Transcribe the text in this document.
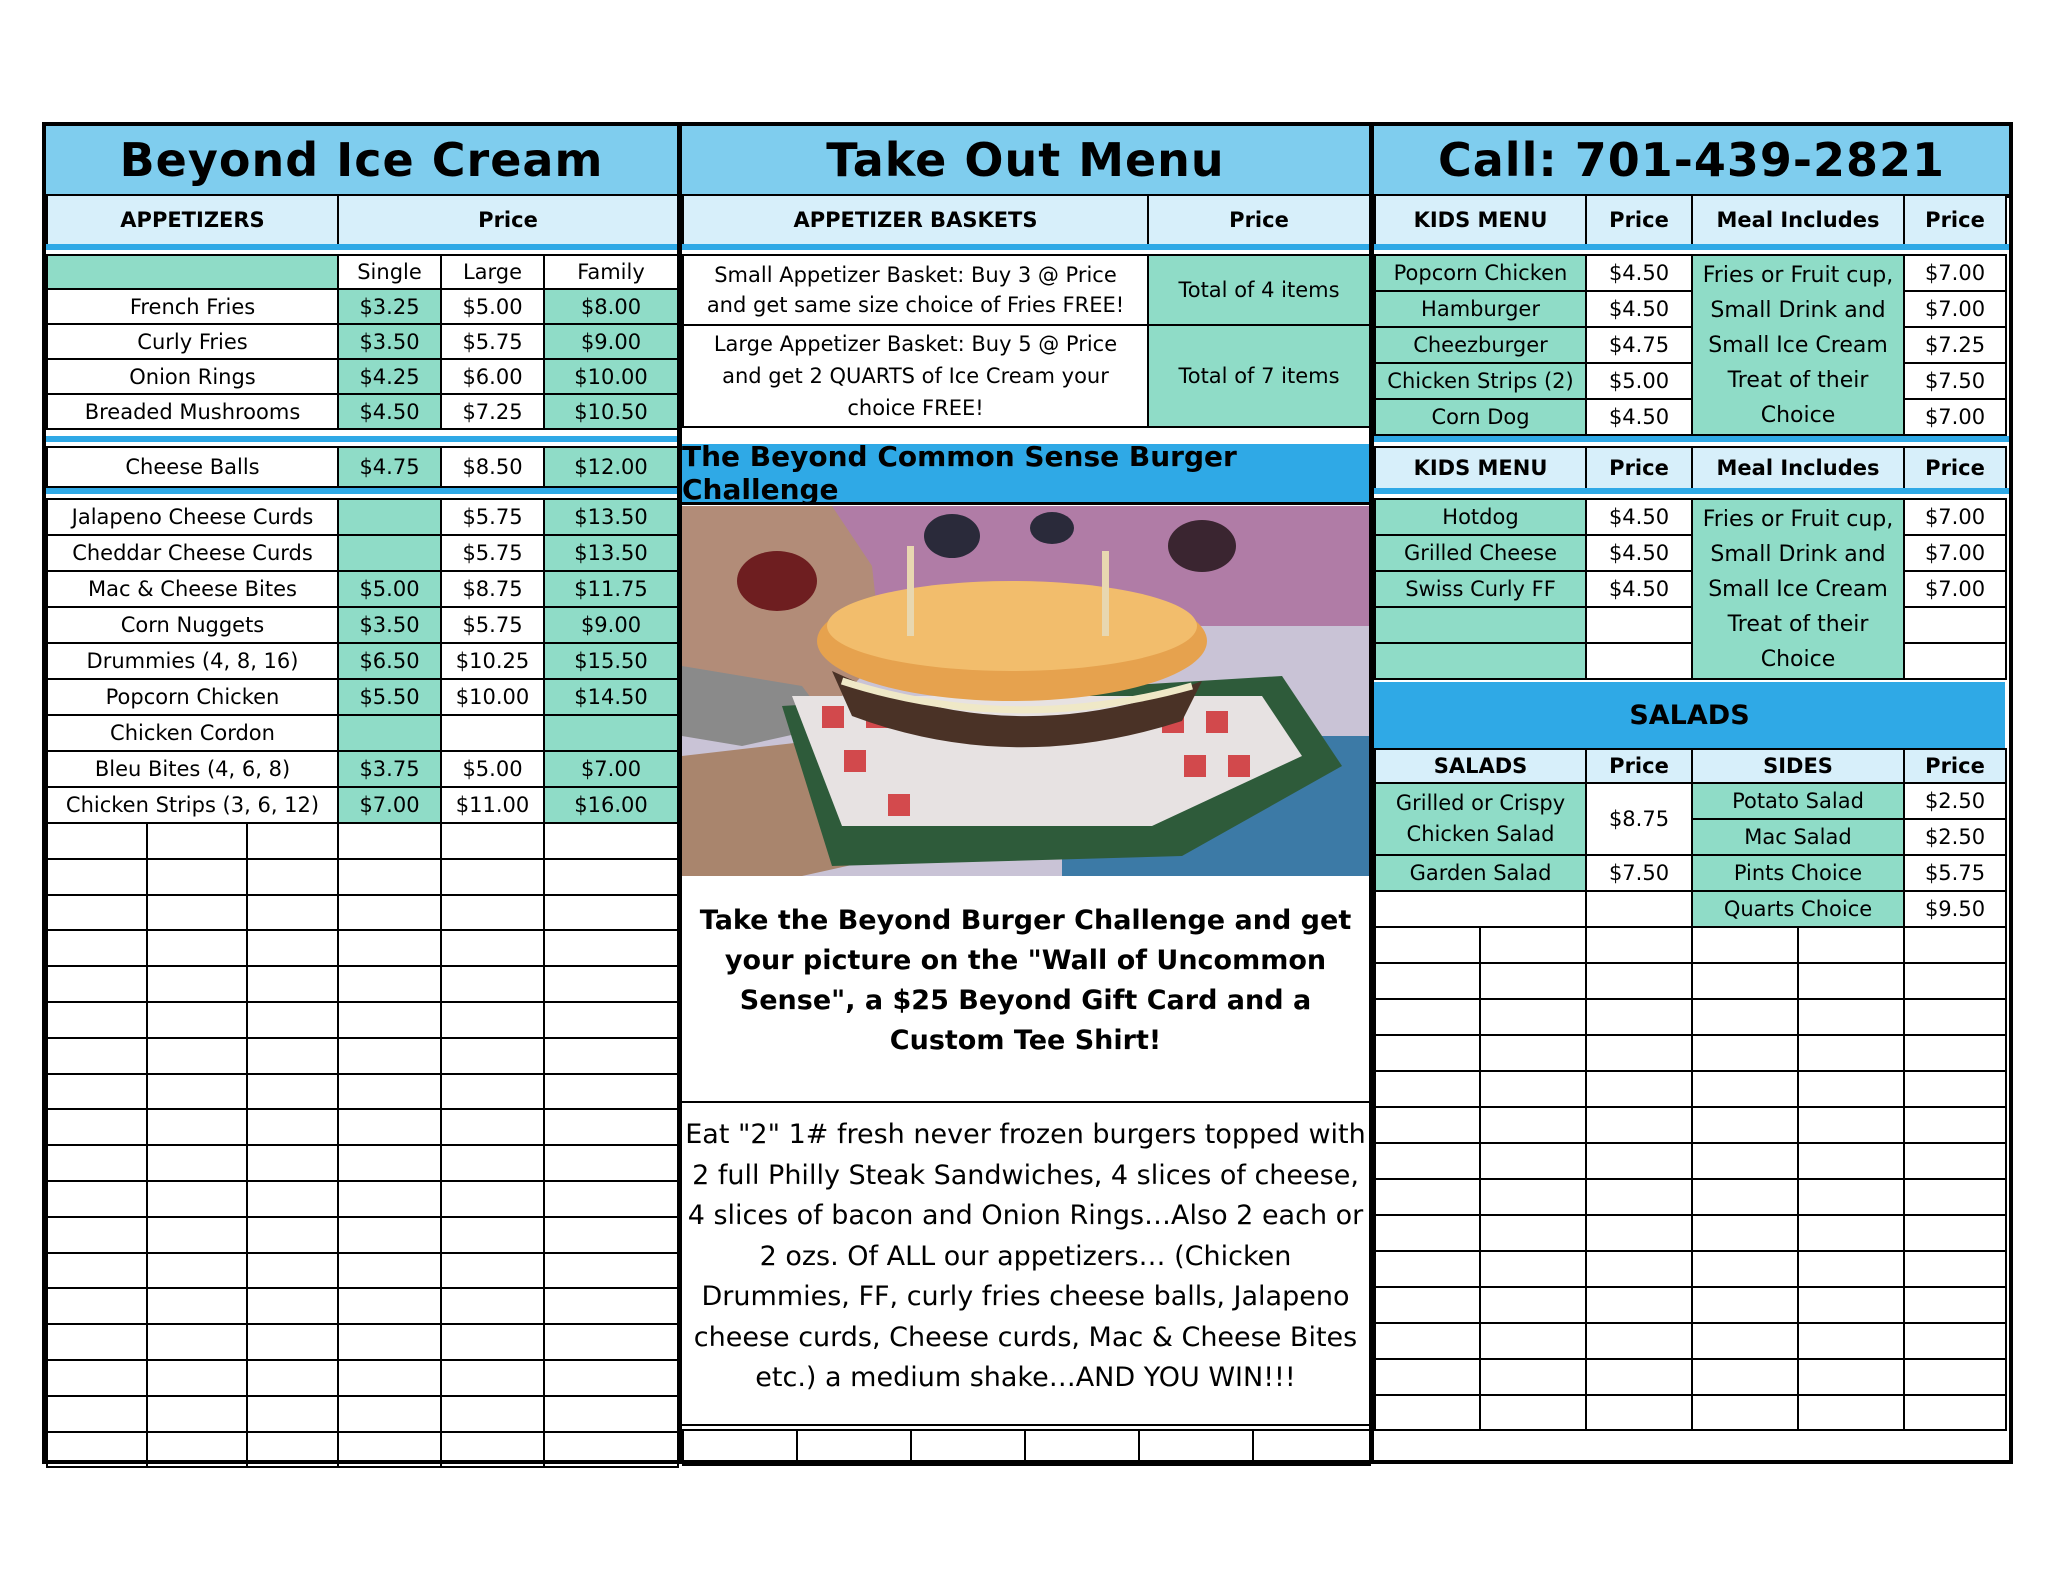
Beyond Ice Cream
APPETIZERS	Price
	Single	Large	Family
French Fries	$3.25	$5.00	$8.00
Curly Fries	$3.50	$5.75	$9.00
Onion Rings	$4.25	$6.00	$10.00
Breaded Mushrooms	$4.50	$7.25	$10.50
Cheese Balls	$4.75	$8.50	$12.00
Jalapeno Cheese Curds		$5.75	$13.50
Cheddar Cheese Curds		$5.75	$13.50
Mac & Cheese Bites	$5.00	$8.75	$11.75
Corn Nuggets	$3.50	$5.75	$9.00
Drummies (4, 8, 16)	$6.50	$10.25	$15.50
Popcorn Chicken	$5.50	$10.00	$14.50
Chicken Cordon			
Bleu Bites (4, 6, 8)	$3.75	$5.00	$7.00
Chicken Strips (3, 6, 12)	$7.00	$11.00	$16.00

Take Out Menu
APPETIZER BASKETS	Price
Small Appetizer Basket: Buy 3 @ Price and get same size choice of Fries FREE!	Total of 4 items
Large Appetizer Basket: Buy 5 @ Price and get 2 QUARTS of Ice Cream your choice FREE!	Total of 7 items
The Beyond Common Sense Burger Challenge
Take the Beyond Burger Challenge and get your picture on the "Wall of Uncommon Sense", a $25 Beyond Gift Card and a Custom Tee Shirt!
Eat "2" 1# fresh never frozen burgers topped with 2 full Philly Steak Sandwiches, 4 slices of cheese, 4 slices of bacon and Onion Rings…Also 2 each or 2 ozs. Of ALL our appetizers… (Chicken Drummies, FF, curly fries cheese balls, Jalapeno cheese curds, Cheese curds, Mac & Cheese Bites etc.) a medium shake…AND YOU WIN!!!

Call: 701-439-2821
KIDS MENU	Price	Meal Includes	Price
Popcorn Chicken	$4.50	Fries or Fruit cup, Small Drink and Small Ice Cream Treat of their Choice	$7.00
Hamburger	$4.50		$7.00
Cheezburger	$4.75		$7.25
Chicken Strips (2)	$5.00		$7.50
Corn Dog	$4.50		$7.00
KIDS MENU	Price	Meal Includes	Price
Hotdog	$4.50	Fries or Fruit cup, Small Drink and Small Ice Cream Treat of their Choice	$7.00
Grilled Cheese	$4.50		$7.00
Swiss Curly FF	$4.50		$7.00

SALADS
SALADS	Price	SIDES	Price
Grilled or Crispy Chicken Salad	$8.75	Potato Salad	$2.50
		Mac Salad	$2.50
Garden Salad	$7.50	Pints Choice	$5.75
		Quarts Choice	$9.50
